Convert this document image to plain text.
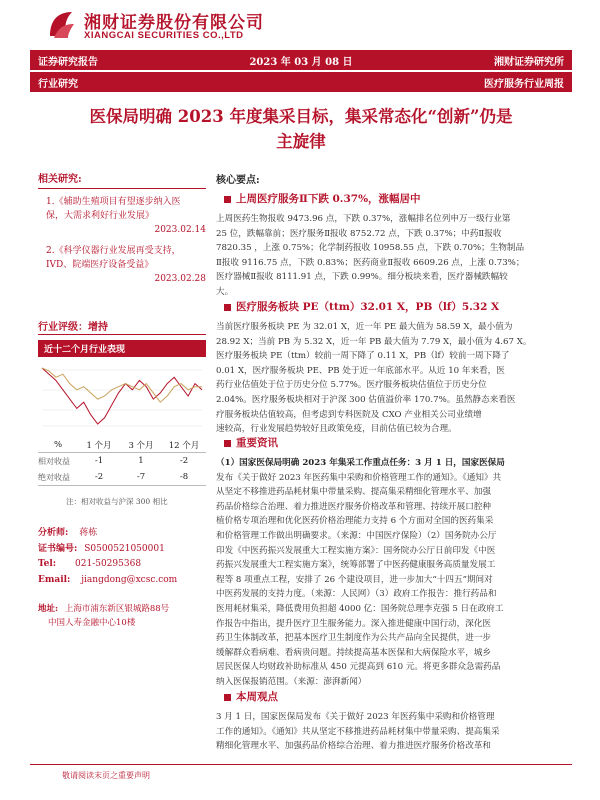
湘财证券股份有限公司
XIANGCAI SECURITIES CO.,LTD
证券研究报告	2023 年 03 月 08 日	湘财证券研究所
行业研究	医疗服务行业周报
医保局明确 2023 年度集采目标，集采常态化“创新”仍是
主旋律
相关研究:
1.《辅助生殖项目有望逐步纳入医
保，大需求利好行业发展》
2023.02.14
2.《科学仪器行业发展再受支持，
IVD、院端医疗设备受益》
2023.02.28
行业评级：增持
近十二个月行业表现
%	1 个月	3 个月	12 个月
相对收益	-1	1	-2
绝对收益	-2	-7	-8
注：相对收益与沪深 300 相比
分析师: 蒋栋
证书编号: S0500521050001
Tel: 021-50295368
Email: jiangdong@xcsc.com
地址: 上海市浦东新区银城路88号
中国人寿金融中心10楼
核心要点:
上周医疗服务Ⅱ下跌 0.37%，涨幅居中
上周医药生物报收 9473.96 点，下跌 0.37%，涨幅排名位列申万一级行业第
25 位，跌幅靠前；医疗服务Ⅱ报收 8752.72 点，下跌 0.37%；中药Ⅱ报收
7820.35 ，上涨 0.75%；化学制药报收 10958.55 点，下跌 0.70%；生物制品
Ⅱ报收 9116.75 点，下跌 0.83%；医药商业Ⅱ报收 6609.26 点，上涨 0.73%；
医疗器械Ⅱ报收 8111.91 点，下跌 0.99%。细分板块来看，医疗器械跌幅较
大。
医疗服务板块 PE（ttm）32.01 X，PB（lf）5.32 X
当前医疗服务板块 PE 为 32.01 X，近一年 PE 最大值为 58.59 X，最小值为
28.92 X；当前 PB 为 5.32 X，近一年 PB 最大值为 7.79 X，最小值为 4.67 X。
医疗服务板块 PE（ttm）较前一周下降了 0.11 X，PB（lf）较前一周下降了
0.01 X，医疗服务板块 PE、PB 处于近一年底部水平。从近 10 年来看，医
药行业估值处于位于历史分位 5.77%。医疗服务板块估值位于历史分位
2.04%。医疗服务板块相对于沪深 300 估值溢价率 170.7%。虽然静态来看医
疗服务板块估值较高，但考虑到专科医院及 CXO 产业相关公司业绩增
速较高，行业发展趋势较好且政策免疫，目前估值已较为合理。
重要资讯
（1）国家医保局明确 2023 年集采工作重点任务：3 月 1 日，国家医保局
发布《关于做好 2023 年医药集中采购和价格管理工作的通知》。《通知》共
从坚定不移推进药品耗材集中带量采购、提高集采精细化管理水平、加强
药品价格综合治理、着力推进医疗服务价格改革和管理、持续开展口腔种
植价格专项治理和优化医药价格治理能力支持 6 个方面对全国的医药集采
和价格管理工作做出明确要求。（来源：中国医疗保险）（2）国务院办公厅
印发《中医药振兴发展重大工程实施方案》：国务院办公厅日前印发《中医
药振兴发展重大工程实施方案》，统筹部署了中医药健康服务高质量发展工
程等 8 项重点工程，安排了 26 个建设项目，进一步加大“十四五”期间对
中医药发展的支持力度。（来源：人民网）（3）政府工作报告：推行药品和
医用耗材集采，降低费用负担超 4000 亿：国务院总理李克强 5 日在政府工
作报告中指出，提升医疗卫生服务能力。深入推进健康中国行动，深化医
药卫生体制改革，把基本医疗卫生制度作为公共产品向全民提供，进一步
缓解群众看病难、看病贵问题。持续提高基本医保和大病保险水平，城乡
居民医保人均财政补助标准从 450 元提高到 610 元。将更多群众急需药品
纳入医保报销范围。（来源：澎湃新闻）
本周观点
3 月 1 日，国家医保局发布《关于做好 2023 年医药集中采购和价格管理
工作的通知》。《通知》共从坚定不移推进药品耗材集中带量采购、提高集采
精细化管理水平、加强药品价格综合治理、着力推进医疗服务价格改革和
敬请阅读末页之重要声明
